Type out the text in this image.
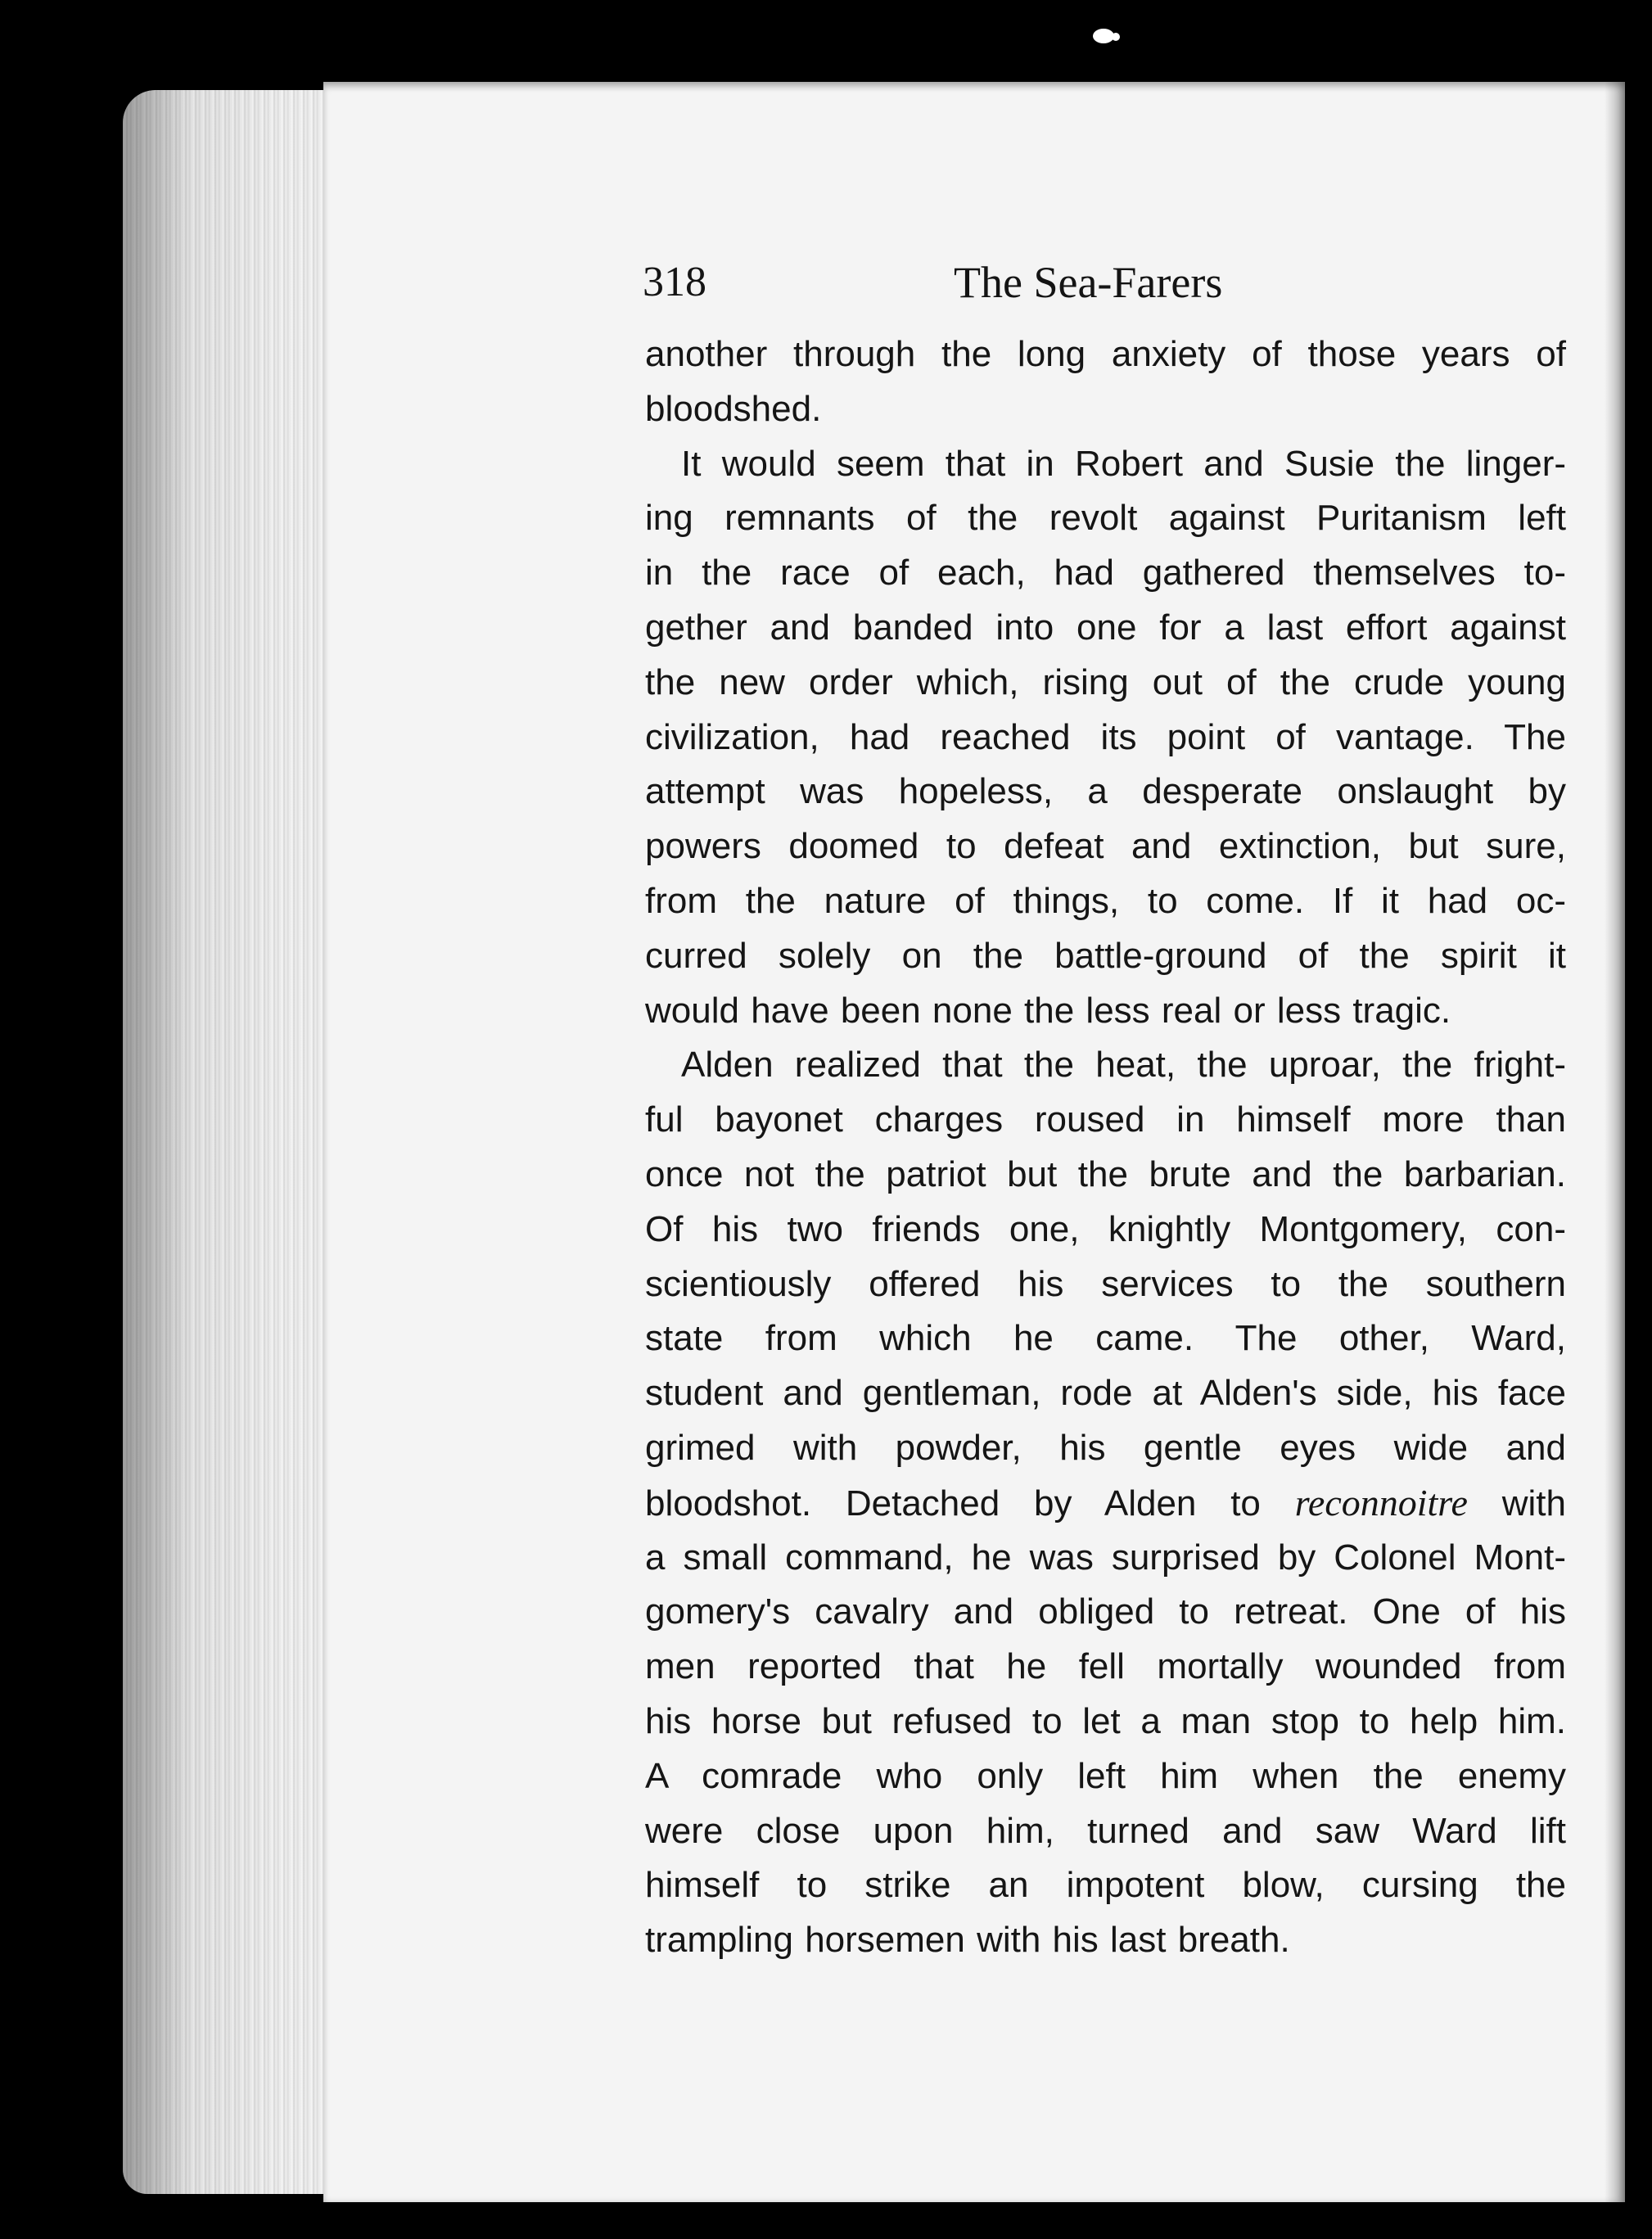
318	The Sea-Farers
another through the long anxiety of those years of
bloodshed.
It would seem that in Robert and Susie the linger-
ing remnants of the revolt against Puritanism left
in the race of each, had gathered themselves to-
gether and banded into one for a last effort against
the new order which, rising out of the crude young
civilization, had reached its point of vantage. The
attempt was hopeless, a desperate onslaught by
powers doomed to defeat and extinction, but sure,
from the nature of things, to come. If it had oc-
curred solely on the battle-ground of the spirit it
would have been none the less real or less tragic.
Alden realized that the heat, the uproar, the fright-
ful bayonet charges roused in himself more than
once not the patriot but the brute and the barbarian.
Of his two friends one, knightly Montgomery, con-
scientiously offered his services to the southern
state from which he came. The other, Ward,
student and gentleman, rode at Alden's side, his face
grimed with powder, his gentle eyes wide and
bloodshot. Detached by Alden to reconnoitre with
a small command, he was surprised by Colonel Mont-
gomery's cavalry and obliged to retreat. One of his
men reported that he fell mortally wounded from
his horse but refused to let a man stop to help him.
A comrade who only left him when the enemy
were close upon him, turned and saw Ward lift
himself to strike an impotent blow, cursing the
trampling horsemen with his last breath.
